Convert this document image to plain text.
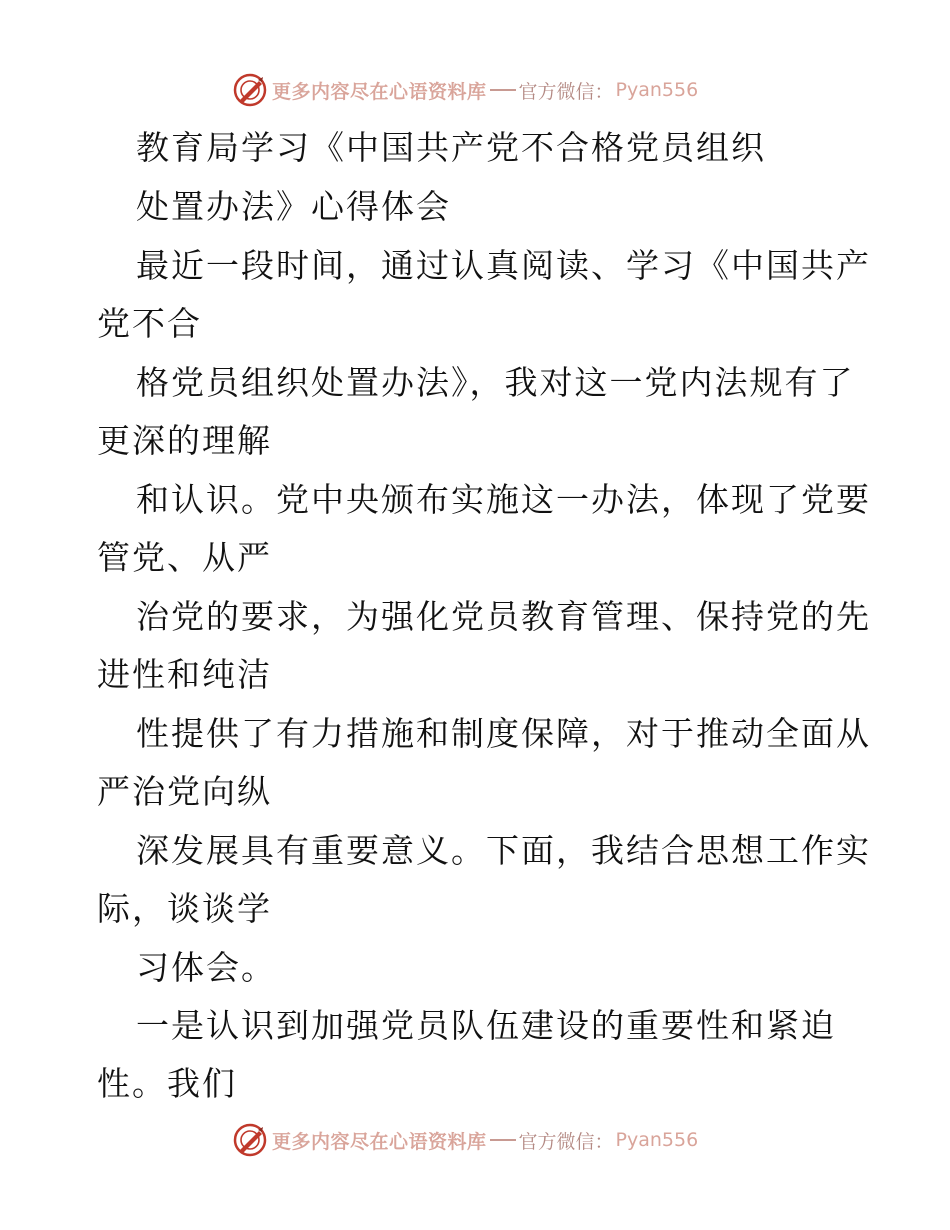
更多内容尽在心语资料库 官方微信： Pyan556
教育局学习《中国共产党不合格党员组织
处置办法》心得体会
最近一段时间，通过认真阅读、学习《中国共产
党不合
格党员组织处置办法》，我对这一党内法规有了
更深的理解
和认识。党中央颁布实施这一办法，体现了党要
管党、从严
治党的要求，为强化党员教育管理、保持党的先
进性和纯洁
性提供了有力措施和制度保障，对于推动全面从
严治党向纵
深发展具有重要意义。下面，我结合思想工作实
际，谈谈学
习体会。
一是认识到加强党员队伍建设的重要性和紧迫
性。我们
更多内容尽在心语资料库 官方微信： Pyan556
